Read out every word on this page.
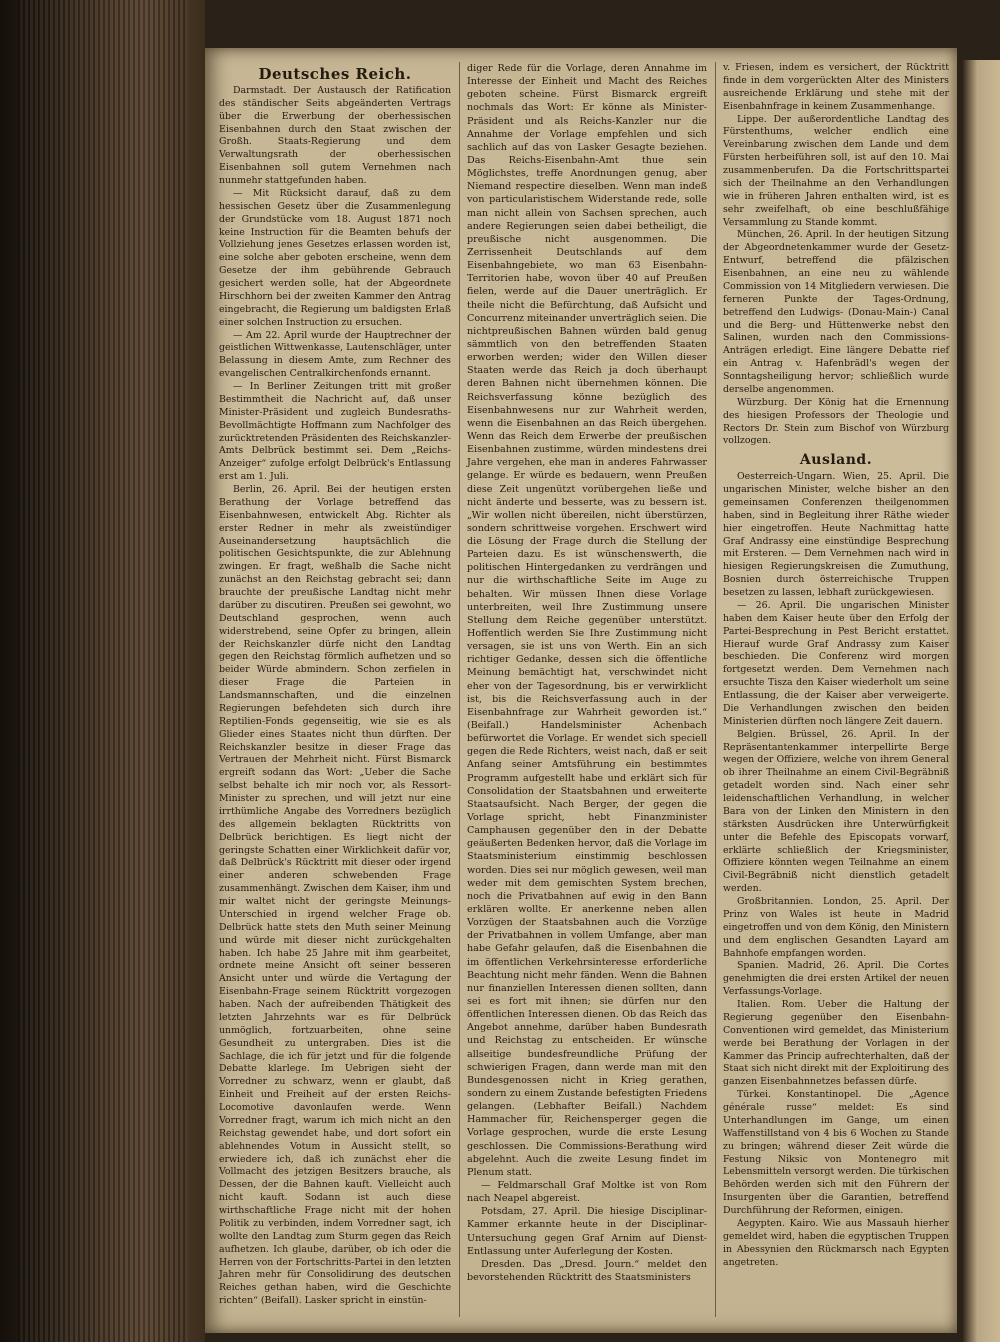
Deutsches Reich.

Darmstadt. Der Austausch der Ratification des ständischer Seits abgeänderten Vertrags über die Erwerbung der oberhessischen Eisenbahnen durch den Staat zwischen der Großh. Staats-Regierung und dem Verwaltungsrath der oberhessischen Eisenbahnen soll gutem Vernehmen nach nunmehr stattgefunden haben.

— Mit Rücksicht darauf, daß zu dem hessischen Gesetz über die Zusammenlegung der Grundstücke vom 18. August 1871 noch keine Instruction für die Beamten behufs der Vollziehung jenes Gesetzes erlassen worden ist, eine solche aber geboten erscheine, wenn dem Gesetze der ihm gebührende Gebrauch gesichert werden solle, hat der Abgeordnete Hirschhorn bei der zweiten Kammer den Antrag eingebracht, die Regierung um baldigsten Erlaß einer solchen Instruction zu ersuchen.

— Am 22. April wurde der Hauptrechner der geistlichen Wittwenkasse, Lautenschläger, unter Belassung in diesem Amte, zum Rechner des evangelischen Centralkirchenfonds ernannt.

— In Berliner Zeitungen tritt mit großer Bestimmtheit die Nachricht auf, daß unser Minister-Präsident und zugleich Bundesraths-Bevollmächtigte Hoffmann zum Nachfolger des zurücktretenden Präsidenten des Reichskanzler-Amts Delbrück bestimmt sei. Dem „Reichs-Anzeiger“ zufolge erfolgt Delbrück's Entlassung erst am 1. Juli.

Berlin, 26. April. Bei der heutigen ersten Berathung der Vorlage betreffend das Eisenbahnwesen, entwickelt Abg. Richter als erster Redner in mehr als zweistündiger Auseinandersetzung hauptsächlich die politischen Gesichtspunkte, die zur Ablehnung zwingen. Er fragt, weßhalb die Sache nicht zunächst an den Reichstag gebracht sei; dann brauchte der preußische Landtag nicht mehr darüber zu discutiren. Preußen sei gewohnt, wo Deutschland gesprochen, wenn auch widerstrebend, seine Opfer zu bringen, allein der Reichskanzler dürfe nicht den Landtag gegen den Reichstag förmlich aufhetzen und so beider Würde abmindern. Schon zerfielen in dieser Frage die Parteien in Landsmannschaften, und die einzelnen Regierungen befehdeten sich durch ihre Reptilien-Fonds gegenseitig, wie sie es als Glieder eines Staates nicht thun dürften. Der Reichskanzler besitze in dieser Frage das Vertrauen der Mehrheit nicht. Fürst Bismarck ergreift sodann das Wort: „Ueber die Sache selbst behalte ich mir noch vor, als Ressort-Minister zu sprechen, und will jetzt nur eine irrthümliche Angabe des Vorredners bezüglich des allgemein beklagten Rücktritts von Delbrück berichtigen. Es liegt nicht der geringste Schatten einer Wirklichkeit dafür vor, daß Delbrück's Rücktritt mit dieser oder irgend einer anderen schwebenden Frage zusammenhängt. Zwischen dem Kaiser, ihm und mir waltet nicht der geringste Meinungs-Unterschied in irgend welcher Frage ob. Delbrück hatte stets den Muth seiner Meinung und würde mit dieser nicht zurückgehalten haben. Ich habe 25 Jahre mit ihm gearbeitet, ordnete meine Ansicht oft seiner besseren Ansicht unter und würde die Vertagung der Eisenbahn-Frage seinem Rücktritt vorgezogen haben. Nach der aufreibenden Thätigkeit des letzten Jahrzehnts war es für Delbrück unmöglich, fortzuarbeiten, ohne seine Gesundheit zu untergraben. Dies ist die Sachlage, die ich für jetzt und für die folgende Debatte klarlege. Im Uebrigen sieht der Vorredner zu schwarz, wenn er glaubt, daß Einheit und Freiheit auf der ersten Reichs-Locomotive davonlaufen werde. Wenn Vorredner fragt, warum ich mich nicht an den Reichstag gewendet habe, und dort sofort ein ablehnendes Votum in Aussicht stellt, so erwiedere ich, daß ich zunächst eher die Vollmacht des jetzigen Besitzers brauche, als Dessen, der die Bahnen kauft. Vielleicht auch nicht kauft. Sodann ist auch diese wirthschaftliche Frage nicht mit der hohen Politik zu verbinden, indem Vorredner sagt, ich wollte den Landtag zum Sturm gegen das Reich aufhetzen. Ich glaube, darüber, ob ich oder die Herren von der Fortschritts-Partei in den letzten Jahren mehr für Consolidirung des deutschen Reiches gethan haben, wird die Geschichte richten“ (Beifall). Lasker spricht in einstün-

diger Rede für die Vorlage, deren Annahme im Interesse der Einheit und Macht des Reiches geboten scheine. Fürst Bismarck ergreift nochmals das Wort: Er könne als Minister-Präsident und als Reichs-Kanzler nur die Annahme der Vorlage empfehlen und sich sachlich auf das von Lasker Gesagte beziehen. Das Reichs-Eisenbahn-Amt thue sein Möglichstes, treffe Anordnungen genug, aber Niemand respectire dieselben. Wenn man indeß von particularistischem Widerstande rede, solle man nicht allein von Sachsen sprechen, auch andere Regierungen seien dabei betheiligt, die preußische nicht ausgenommen. Die Zerrissenheit Deutschlands auf dem Eisenbahngebiete, wo man 63 Eisenbahn-Territorien habe, wovon über 40 auf Preußen fielen, werde auf die Dauer unerträglich. Er theile nicht die Befürchtung, daß Aufsicht und Concurrenz miteinander unverträglich seien. Die nichtpreußischen Bahnen würden bald genug sämmtlich von den betreffenden Staaten erworben werden; wider den Willen dieser Staaten werde das Reich ja doch überhaupt deren Bahnen nicht übernehmen können. Die Reichsverfassung könne bezüglich des Eisenbahnwesens nur zur Wahrheit werden, wenn die Eisenbahnen an das Reich übergehen. Wenn das Reich dem Erwerbe der preußischen Eisenbahnen zustimme, würden mindestens drei Jahre vergehen, ehe man in anderes Fahrwasser gelange. Er würde es bedauern, wenn Preußen diese Zeit ungenützt vorübergehen ließe und nicht änderte und besserte, was zu bessern ist. „Wir wollen nicht übereilen, nicht überstürzen, sondern schrittweise vorgehen. Erschwert wird die Lösung der Frage durch die Stellung der Parteien dazu. Es ist wünschenswerth, die politischen Hintergedanken zu verdrängen und nur die wirthschaftliche Seite im Auge zu behalten. Wir müssen Ihnen diese Vorlage unterbreiten, weil Ihre Zustimmung unsere Stellung dem Reiche gegenüber unterstützt. Hoffentlich werden Sie Ihre Zustimmung nicht versagen, sie ist uns von Werth. Ein an sich richtiger Gedanke, dessen sich die öffentliche Meinung bemächtigt hat, verschwindet nicht eher von der Tagesordnung, bis er verwirklicht ist, bis die Reichsverfassung auch in der Eisenbahnfrage zur Wahrheit geworden ist.“ (Beifall.) Handelsminister Achenbach befürwortet die Vorlage. Er wendet sich speciell gegen die Rede Richters, weist nach, daß er seit Anfang seiner Amtsführung ein bestimmtes Programm aufgestellt habe und erklärt sich für Consolidation der Staatsbahnen und erweiterte Staatsaufsicht. Nach Berger, der gegen die Vorlage spricht, hebt Finanzminister Camphausen gegenüber den in der Debatte geäußerten Bedenken hervor, daß die Vorlage im Staatsministerium einstimmig beschlossen worden. Dies sei nur möglich gewesen, weil man weder mit dem gemischten System brechen, noch die Privatbahnen auf ewig in den Bann erklären wollte. Er anerkenne neben allen Vorzügen der Staatsbahnen auch die Vorzüge der Privatbahnen in vollem Umfange, aber man habe Gefahr gelaufen, daß die Eisenbahnen die im öffentlichen Verkehrsinteresse erforderliche Beachtung nicht mehr fänden. Wenn die Bahnen nur finanziellen Interessen dienen sollten, dann sei es fort mit ihnen; sie dürfen nur den öffentlichen Interessen dienen. Ob das Reich das Angebot annehme, darüber haben Bundesrath und Reichstag zu entscheiden. Er wünsche allseitige bundesfreundliche Prüfung der schwierigen Fragen, dann werde man mit den Bundesgenossen nicht in Krieg gerathen, sondern zu einem Zustande befestigten Friedens gelangen. (Lebhafter Beifall.) Nachdem Hammacher für, Reichensperger gegen die Vorlage gesprochen, wurde die erste Lesung geschlossen. Die Commissions-Berathung wird abgelehnt. Auch die zweite Lesung findet im Plenum statt.

— Feldmarschall Graf Moltke ist von Rom nach Neapel abgereist.

Potsdam, 27. April. Die hiesige Disciplinar-Kammer erkannte heute in der Disciplinar-Untersuchung gegen Graf Arnim auf Dienst-Entlassung unter Auferlegung der Kosten.

Dresden. Das „Dresd. Journ.“ meldet den bevorstehenden Rücktritt des Staatsministers

v. Friesen, indem es versichert, der Rücktritt finde in dem vorgerückten Alter des Ministers ausreichende Erklärung und stehe mit der Eisenbahnfrage in keinem Zusammenhange.

Lippe. Der außerordentliche Landtag des Fürstenthums, welcher endlich eine Vereinbarung zwischen dem Lande und dem Fürsten herbeiführen soll, ist auf den 10. Mai zusammenberufen. Da die Fortschrittspartei sich der Theilnahme an den Verhandlungen wie in früheren Jahren enthalten wird, ist es sehr zweifelhaft, ob eine beschlußfähige Versammlung zu Stande kommt.

München, 26. April. In der heutigen Sitzung der Abgeordnetenkammer wurde der Gesetz-Entwurf, betreffend die pfälzischen Eisenbahnen, an eine neu zu wählende Commission von 14 Mitgliedern verwiesen. Die ferneren Punkte der Tages-Ordnung, betreffend den Ludwigs- (Donau-Main-) Canal und die Berg- und Hüttenwerke nebst den Salinen, wurden nach den Commissions-Anträgen erledigt. Eine längere Debatte rief ein Antrag v. Hafenbrädl's wegen der Sonntagsheiligung hervor; schließlich wurde derselbe angenommen.

Würzburg. Der König hat die Ernennung des hiesigen Professors der Theologie und Rectors Dr. Stein zum Bischof von Würzburg vollzogen.

Ausland.

Oesterreich-Ungarn. Wien, 25. April. Die ungarischen Minister, welche bisher an den gemeinsamen Conferenzen theilgenommen haben, sind in Begleitung ihrer Räthe wieder hier eingetroffen. Heute Nachmittag hatte Graf Andrassy eine einstündige Besprechung mit Ersteren. — Dem Vernehmen nach wird in hiesigen Regierungskreisen die Zumuthung, Bosnien durch österreichische Truppen besetzen zu lassen, lebhaft zurückgewiesen.

— 26. April. Die ungarischen Minister haben dem Kaiser heute über den Erfolg der Partei-Besprechung in Pest Bericht erstattet. Hierauf wurde Graf Andrassy zum Kaiser beschieden. Die Conferenz wird morgen fortgesetzt werden. Dem Vernehmen nach ersuchte Tisza den Kaiser wiederholt um seine Entlassung, die der Kaiser aber verweigerte. Die Verhandlungen zwischen den beiden Ministerien dürften noch längere Zeit dauern.

Belgien. Brüssel, 26. April. In der Repräsentantenkammer interpellirte Berge wegen der Offiziere, welche von ihrem General ob ihrer Theilnahme an einem Civil-Begräbniß getadelt worden sind. Nach einer sehr leidenschaftlichen Verhandlung, in welcher Bara von der Linken den Ministern in den stärksten Ausdrücken ihre Unterwürfigkeit unter die Befehle des Episcopats vorwarf, erklärte schließlich der Kriegsminister, Offiziere könnten wegen Teilnahme an einem Civil-Begräbniß nicht dienstlich getadelt werden.

Großbritannien. London, 25. April. Der Prinz von Wales ist heute in Madrid eingetroffen und von dem König, den Ministern und dem englischen Gesandten Layard am Bahnhofe empfangen worden.

Spanien. Madrid, 26. April. Die Cortes genehmigten die drei ersten Artikel der neuen Verfassungs-Vorlage.

Italien. Rom. Ueber die Haltung der Regierung gegenüber den Eisenbahn-Conventionen wird gemeldet, das Ministerium werde bei Berathung der Vorlagen in der Kammer das Princip aufrechterhalten, daß der Staat sich nicht direkt mit der Exploitirung des ganzen Eisenbahnnetzes befassen dürfe.

Türkei. Konstantinopel. Die „Agence générale russe“ meldet: Es sind Unterhandlungen im Gange, um einen Waffenstillstand von 4 bis 6 Wochen zu Stande zu bringen; während dieser Zeit würde die Festung Niksic von Montenegro mit Lebensmitteln versorgt werden. Die türkischen Behörden werden sich mit den Führern der Insurgenten über die Garantien, betreffend Durchführung der Reformen, einigen.

Aegypten. Kairo. Wie aus Massauh hierher gemeldet wird, haben die egyptischen Truppen in Abessynien den Rückmarsch nach Egypten angetreten.
